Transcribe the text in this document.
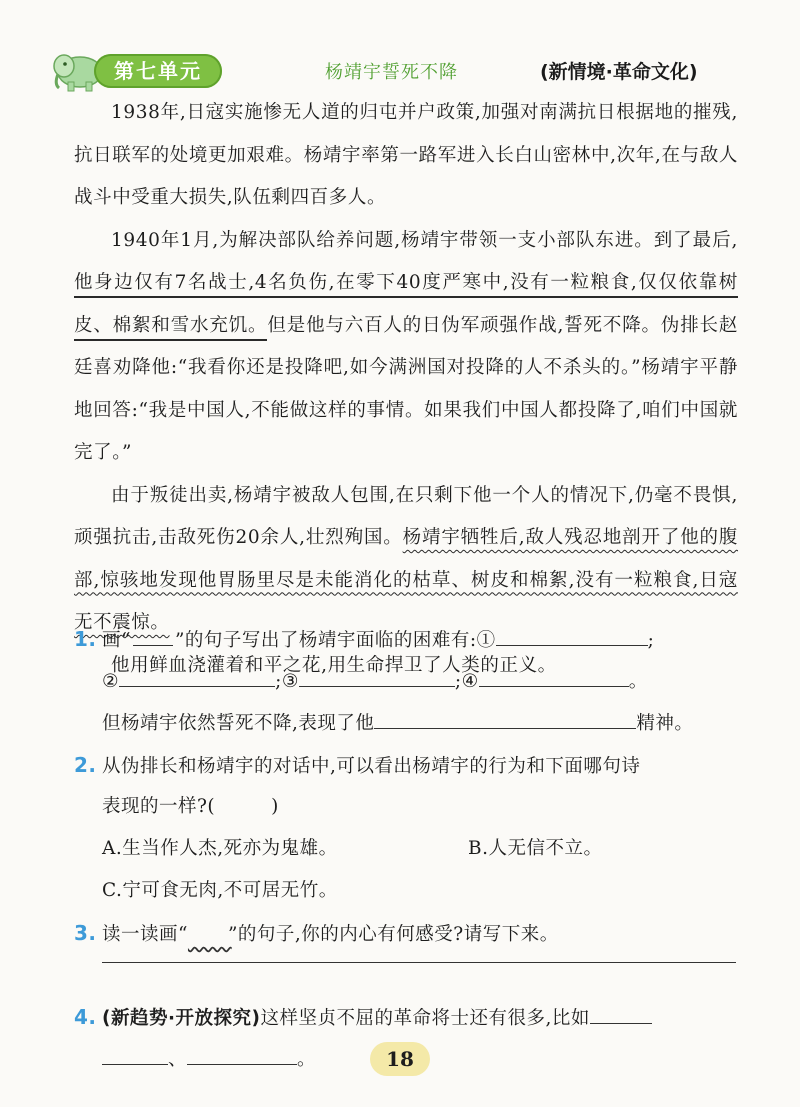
第七单元	杨靖宇誓死不降	(新情境·革命文化)

1938年,日寇实施惨无人道的归屯并户政策,加强对南满抗日根据地的摧残,抗日联军的处境更加艰难。杨靖宇率第一路军进入长白山密林中,次年,在与敌人战斗中受重大损失,队伍剩四百多人。

1940年1月,为解决部队给养问题,杨靖宇带领一支小部队东进。到了最后,他身边仅有7名战士,4名负伤,在零下40度严寒中,没有一粒粮食,仅仅依靠树皮、棉絮和雪水充饥。但是他与六百人的日伪军顽强作战,誓死不降。伪排长赵廷喜劝降他:“我看你还是投降吧,如今满洲国对投降的人不杀头的。”杨靖宇平静地回答:“我是中国人,不能做这样的事情。如果我们中国人都投降了,咱们中国就完了。”

由于叛徒出卖,杨靖宇被敌人包围,在只剩下他一个人的情况下,仍毫不畏惧,顽强抗击,击敌死伤20余人,壮烈殉国。杨靖宇牺牲后,敌人残忍地剖开了他的腹部,惊骇地发现他胃肠里尽是未能消化的枯草、树皮和棉絮,没有一粒粮食,日寇无不震惊。

他用鲜血浇灌着和平之花,用生命捍卫了人类的正义。

1. 画“ ”的句子写出了杨靖宇面临的困难有:①	;
②	;③	;④	。
但杨靖宇依然誓死不降,表现了他	精神。
2. 从伪排长和杨靖宇的对话中,可以看出杨靖宇的行为和下面哪句诗
表现的一样?(	)
A.生当作人杰,死亦为鬼雄。	B.人无信不立。
C.宁可食无肉,不可居无竹。
3. 读一读画“ ”的句子,你的内心有何感受?请写下来。
4. (新趋势·开放探究)这样坚贞不屈的革命将士还有很多,比如
、	。	18
